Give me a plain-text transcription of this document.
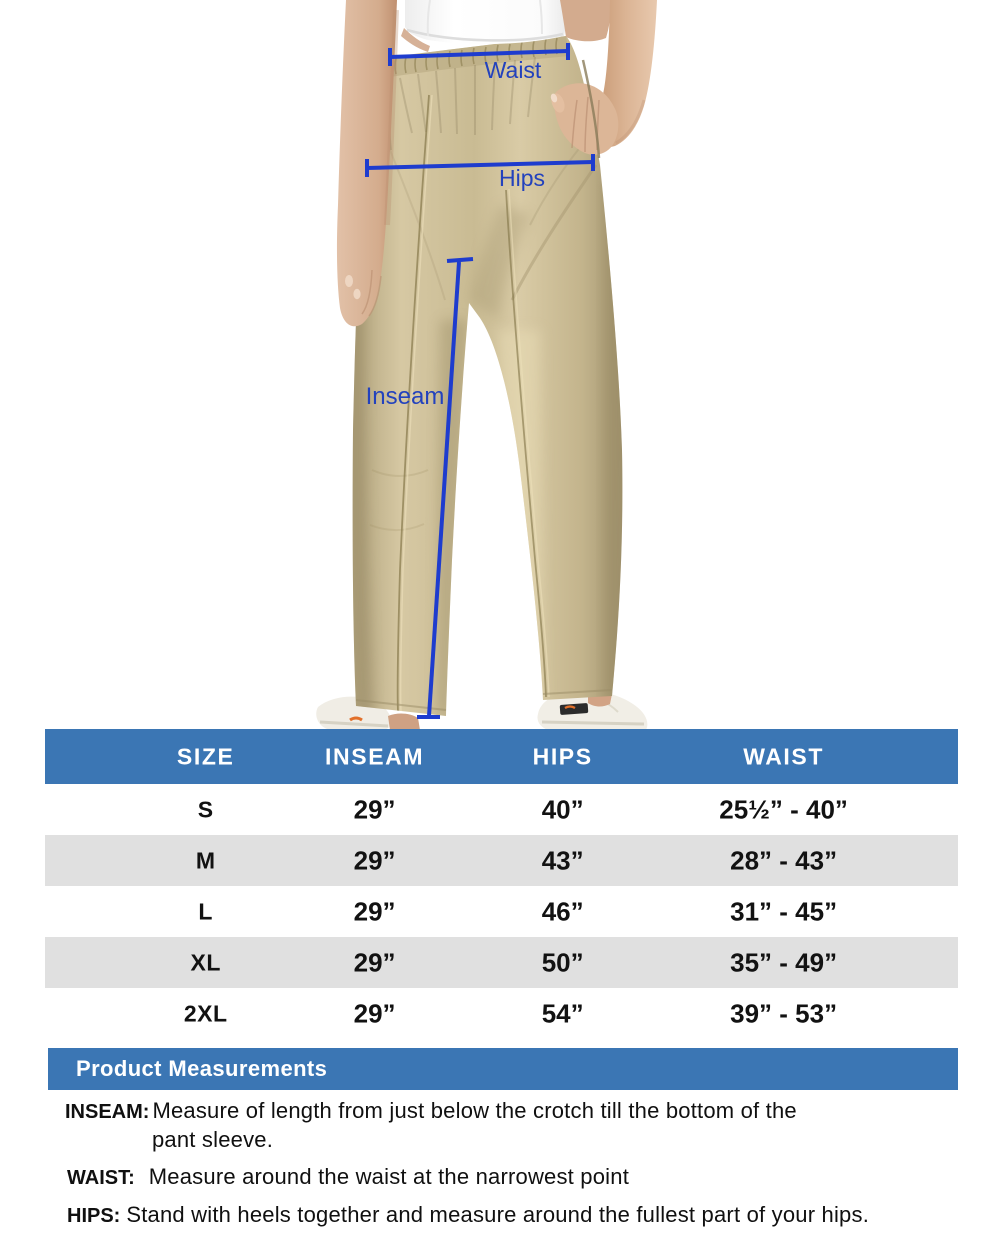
Waist
Hips
Inseam
SIZE	INSEAM	HIPS	WAIST
S	29”	40”	25½” - 40”
M	29”	43”	28” - 43”
L	29”	46”	31” - 45”
XL	29”	50”	35” - 49”
2XL	29”	54”	39” - 53”
Product Measurements
INSEAM: Measure of length from just below the crotch till the bottom of the
pant sleeve.
WAIST: Measure around the waist at the narrowest point
HIPS: Stand with heels together and measure around the fullest part of your hips.
